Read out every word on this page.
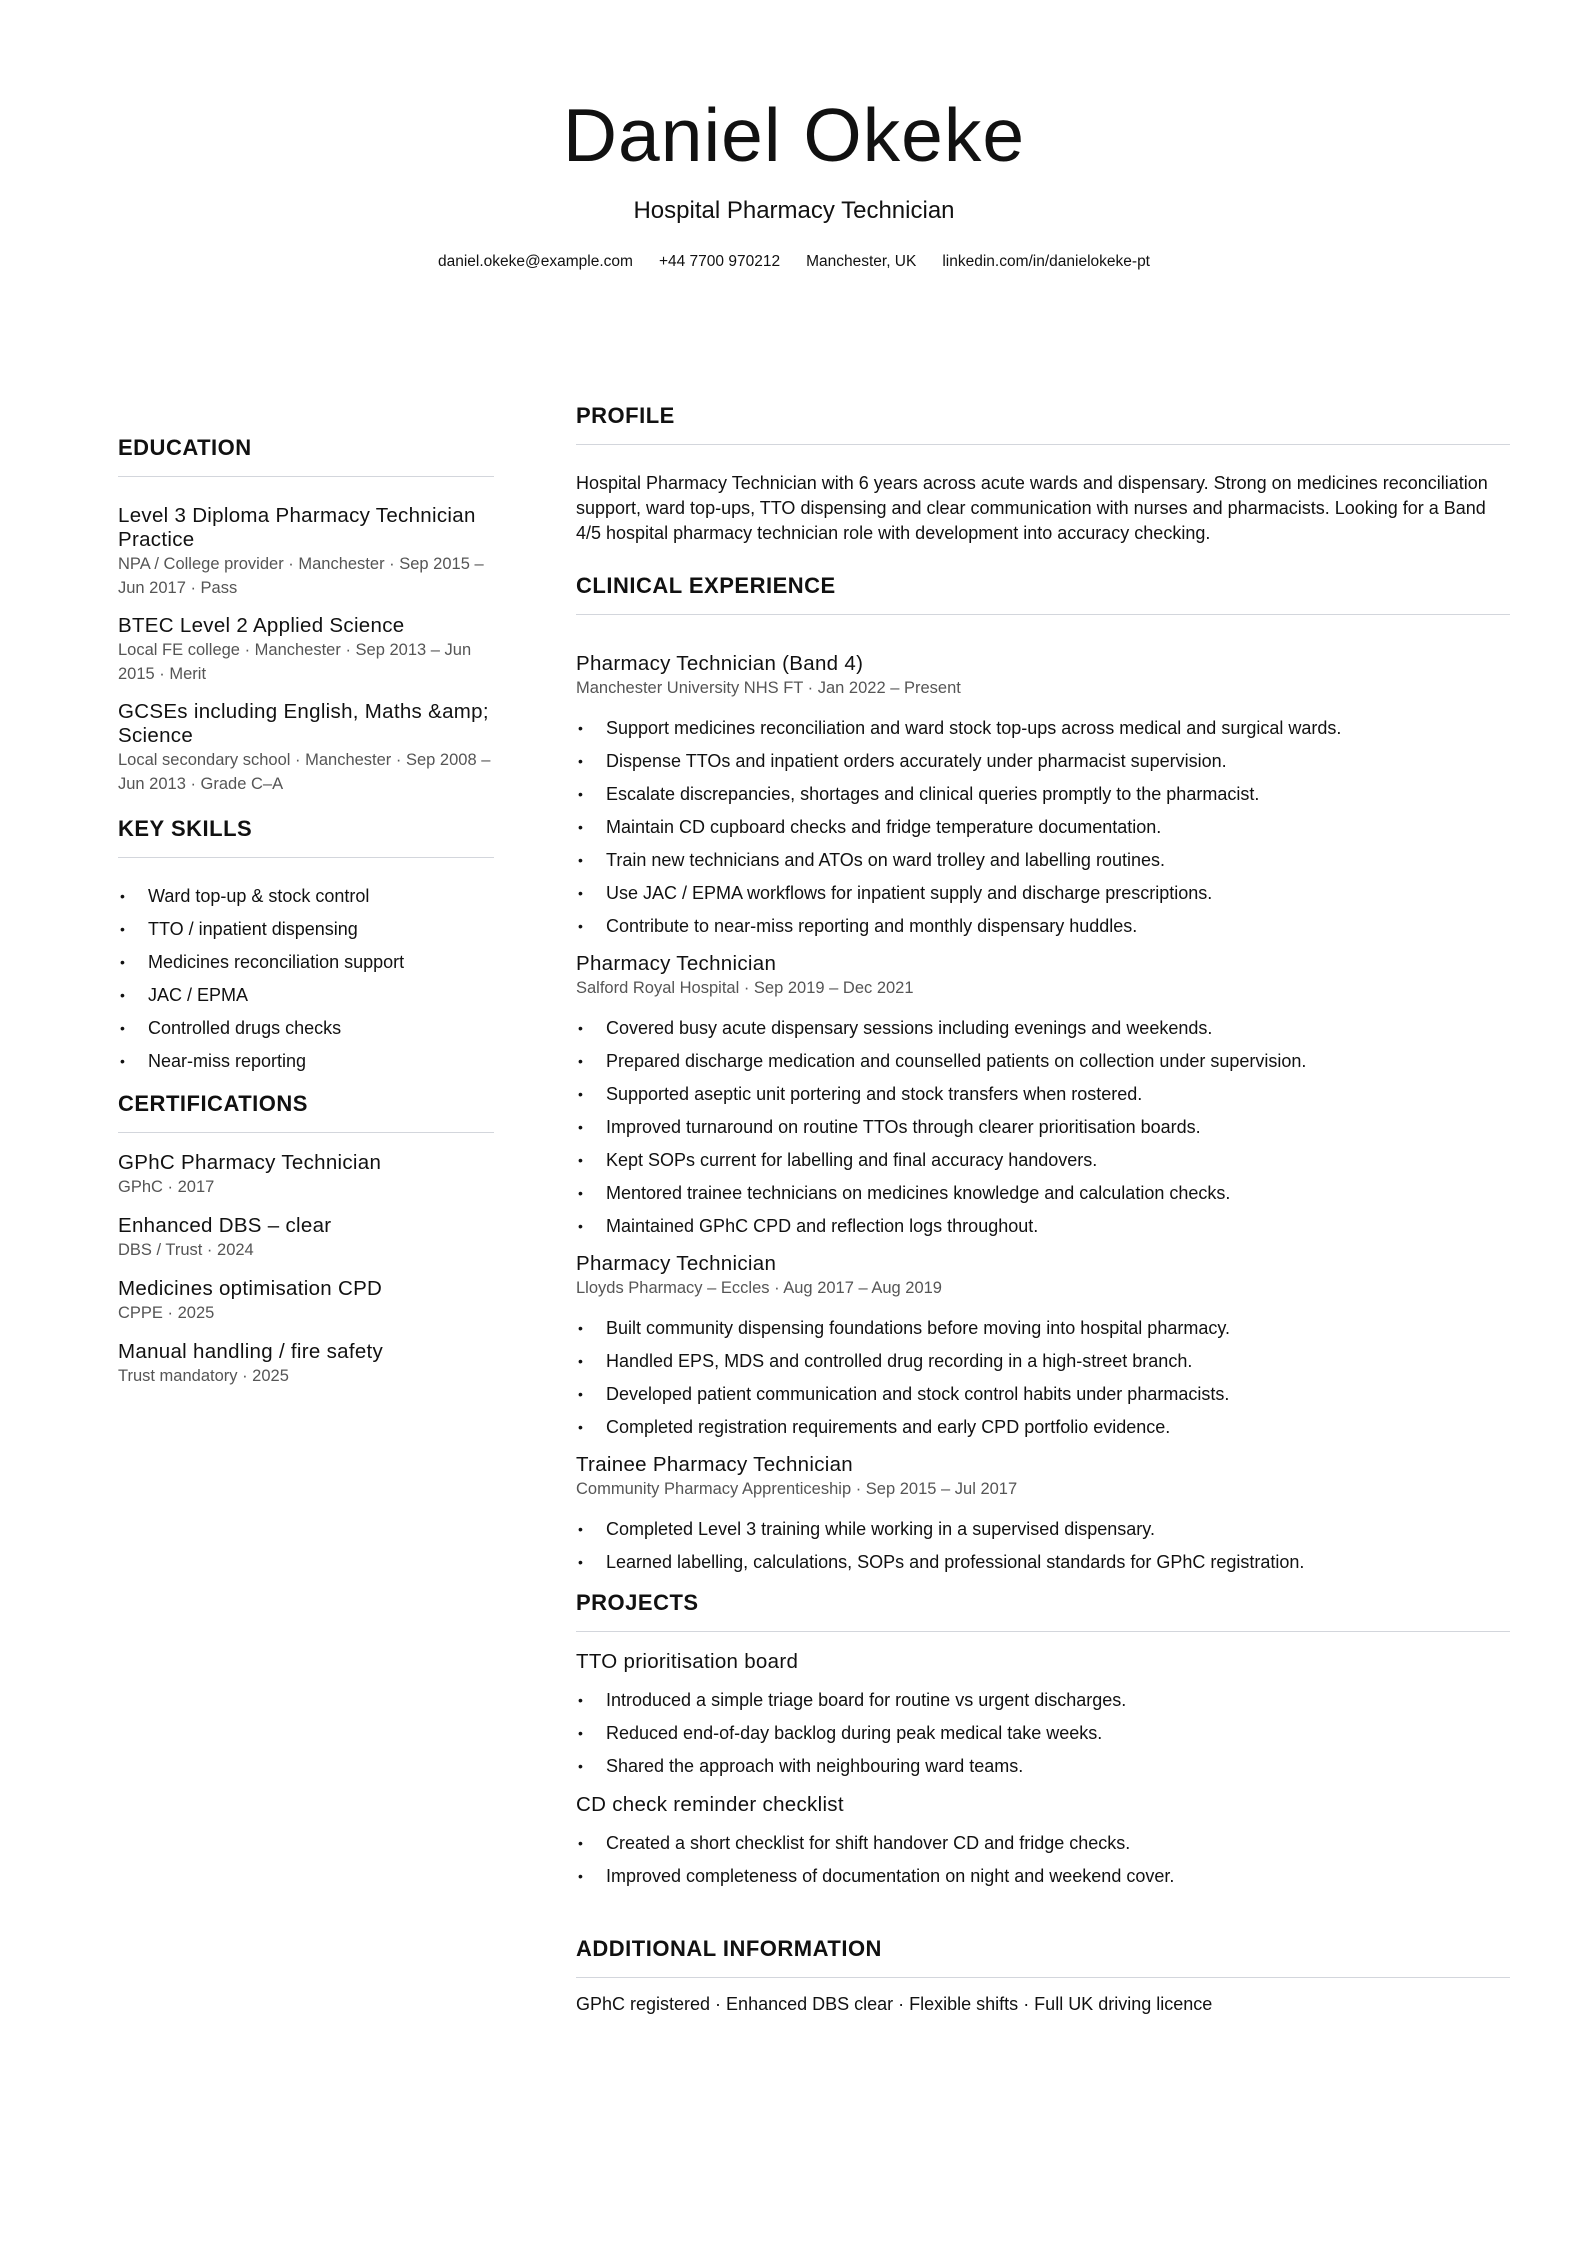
Daniel Okeke
Hospital Pharmacy Technician
daniel.okeke@example.com +44 7700 970212 Manchester, UK linkedin.com/in/danielokeke-pt
EDUCATION
Level 3 Diploma Pharmacy Technician Practice
NPA / College provider · Manchester · Sep 2015 – Jun 2017 · Pass
BTEC Level 2 Applied Science
Local FE college · Manchester · Sep 2013 – Jun 2015 · Merit
GCSEs including English, Maths &amp; Science
Local secondary school · Manchester · Sep 2008 – Jun 2013 · Grade C–A
KEY SKILLS
• Ward top-up & stock control
• TTO / inpatient dispensing
• Medicines reconciliation support
• JAC / EPMA
• Controlled drugs checks
• Near-miss reporting
CERTIFICATIONS
GPhC Pharmacy Technician
GPhC · 2017
Enhanced DBS – clear
DBS / Trust · 2024
Medicines optimisation CPD
CPPE · 2025
Manual handling / fire safety
Trust mandatory · 2025
PROFILE
Hospital Pharmacy Technician with 6 years across acute wards and dispensary. Strong on medicines reconciliation support, ward top-ups, TTO dispensing and clear communication with nurses and pharmacists. Looking for a Band 4/5 hospital pharmacy technician role with development into accuracy checking.
CLINICAL EXPERIENCE
Pharmacy Technician (Band 4)
Manchester University NHS FT · Jan 2022 – Present
• Support medicines reconciliation and ward stock top-ups across medical and surgical wards.
• Dispense TTOs and inpatient orders accurately under pharmacist supervision.
• Escalate discrepancies, shortages and clinical queries promptly to the pharmacist.
• Maintain CD cupboard checks and fridge temperature documentation.
• Train new technicians and ATOs on ward trolley and labelling routines.
• Use JAC / EPMA workflows for inpatient supply and discharge prescriptions.
• Contribute to near-miss reporting and monthly dispensary huddles.
Pharmacy Technician
Salford Royal Hospital · Sep 2019 – Dec 2021
• Covered busy acute dispensary sessions including evenings and weekends.
• Prepared discharge medication and counselled patients on collection under supervision.
• Supported aseptic unit portering and stock transfers when rostered.
• Improved turnaround on routine TTOs through clearer prioritisation boards.
• Kept SOPs current for labelling and final accuracy handovers.
• Mentored trainee technicians on medicines knowledge and calculation checks.
• Maintained GPhC CPD and reflection logs throughout.
Pharmacy Technician
Lloyds Pharmacy – Eccles · Aug 2017 – Aug 2019
• Built community dispensing foundations before moving into hospital pharmacy.
• Handled EPS, MDS and controlled drug recording in a high-street branch.
• Developed patient communication and stock control habits under pharmacists.
• Completed registration requirements and early CPD portfolio evidence.
Trainee Pharmacy Technician
Community Pharmacy Apprenticeship · Sep 2015 – Jul 2017
• Completed Level 3 training while working in a supervised dispensary.
• Learned labelling, calculations, SOPs and professional standards for GPhC registration.
PROJECTS
TTO prioritisation board
• Introduced a simple triage board for routine vs urgent discharges.
• Reduced end-of-day backlog during peak medical take weeks.
• Shared the approach with neighbouring ward teams.
CD check reminder checklist
• Created a short checklist for shift handover CD and fridge checks.
• Improved completeness of documentation on night and weekend cover.
ADDITIONAL INFORMATION
GPhC registered · Enhanced DBS clear · Flexible shifts · Full UK driving licence
